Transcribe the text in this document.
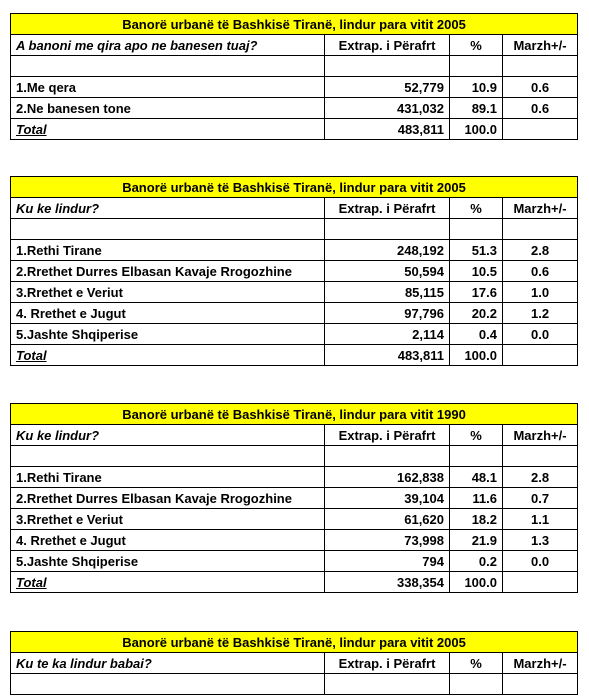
Banorë urbanë të Bashkisë Tiranë, lindur para vitit 2005			
A banoni me qira apo ne banesen tuaj?	Extrap. i Përafrt	%	Marzh+/-

1.Me qera	52,779	10.9	0.6
2.Ne banesen tone	431,032	89.1	0.6
Total	483,811	100.0	
Banorë urbanë të Bashkisë Tiranë, lindur para vitit 2005			
Ku ke lindur?	Extrap. i Përafrt	%	Marzh+/-

1.Rethi Tirane	248,192	51.3	2.8
2.Rrethet Durres Elbasan Kavaje Rrogozhine	50,594	10.5	0.6
3.Rrethet e Veriut	85,115	17.6	1.0
4. Rrethet e Jugut	97,796	20.2	1.2
5.Jashte Shqiperise	2,114	0.4	0.0
Total	483,811	100.0	
Banorë urbanë të Bashkisë Tiranë, lindur para vitit 1990			
Ku ke lindur?	Extrap. i Përafrt	%	Marzh+/-

1.Rethi Tirane	162,838	48.1	2.8
2.Rrethet Durres Elbasan Kavaje Rrogozhine	39,104	11.6	0.7
3.Rrethet e Veriut	61,620	18.2	1.1
4. Rrethet e Jugut	73,998	21.9	1.3
5.Jashte Shqiperise	794	0.2	0.0
Total	338,354	100.0	
Banorë urbanë të Bashkisë Tiranë, lindur para vitit 2005			
Ku te ka lindur babai?	Extrap. i Përafrt	%	Marzh+/-
